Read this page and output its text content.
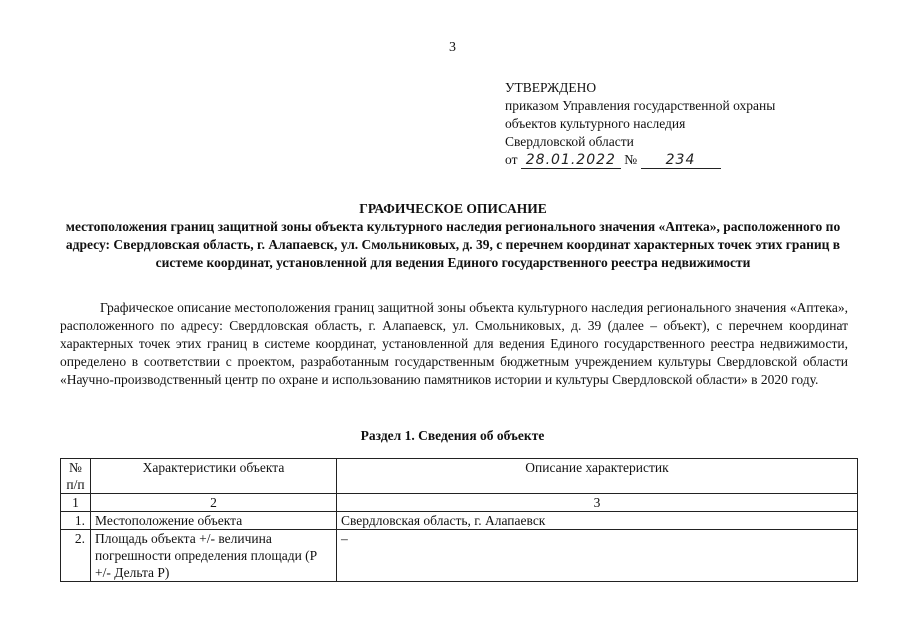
3
УТВЕРЖДЕНО
приказом Управления государственной охраны
объектов культурного наследия
Свердловской области
от 28.01.2022 № 234
ГРАФИЧЕСКОЕ ОПИСАНИЕ
местоположения границ защитной зоны объекта культурного наследия регионального значения «Аптека», расположенного по адресу: Свердловская область, г. Алапаевск, ул. Смольниковых, д. 39, с перечнем координат характерных точек этих границ в системе координат, установленной для ведения Единого государственного реестра недвижимости
Графическое описание местоположения границ защитной зоны объекта культурного наследия регионального значения «Аптека», расположенного по адресу: Свердловская область, г. Алапаевск, ул. Смольниковых, д. 39 (далее – объект), с перечнем координат характерных точек этих границ в системе координат, установленной для ведения Единого государственного реестра недвижимости, определено в соответствии с проектом, разработанным государственным бюджетным учреждением культуры Свердловской области «Научно-производственный центр по охране и использованию памятников истории и культуры Свердловской области» в 2020 году.
Раздел 1. Сведения об объекте
№ п/п	Характеристики объекта	Описание характеристик
1	2	3
1.	Местоположение объекта	Свердловская область, г. Алапаевск
2.	Площадь объекта +/- величина погрешности определения площади (P +/- Дельта P)	–
